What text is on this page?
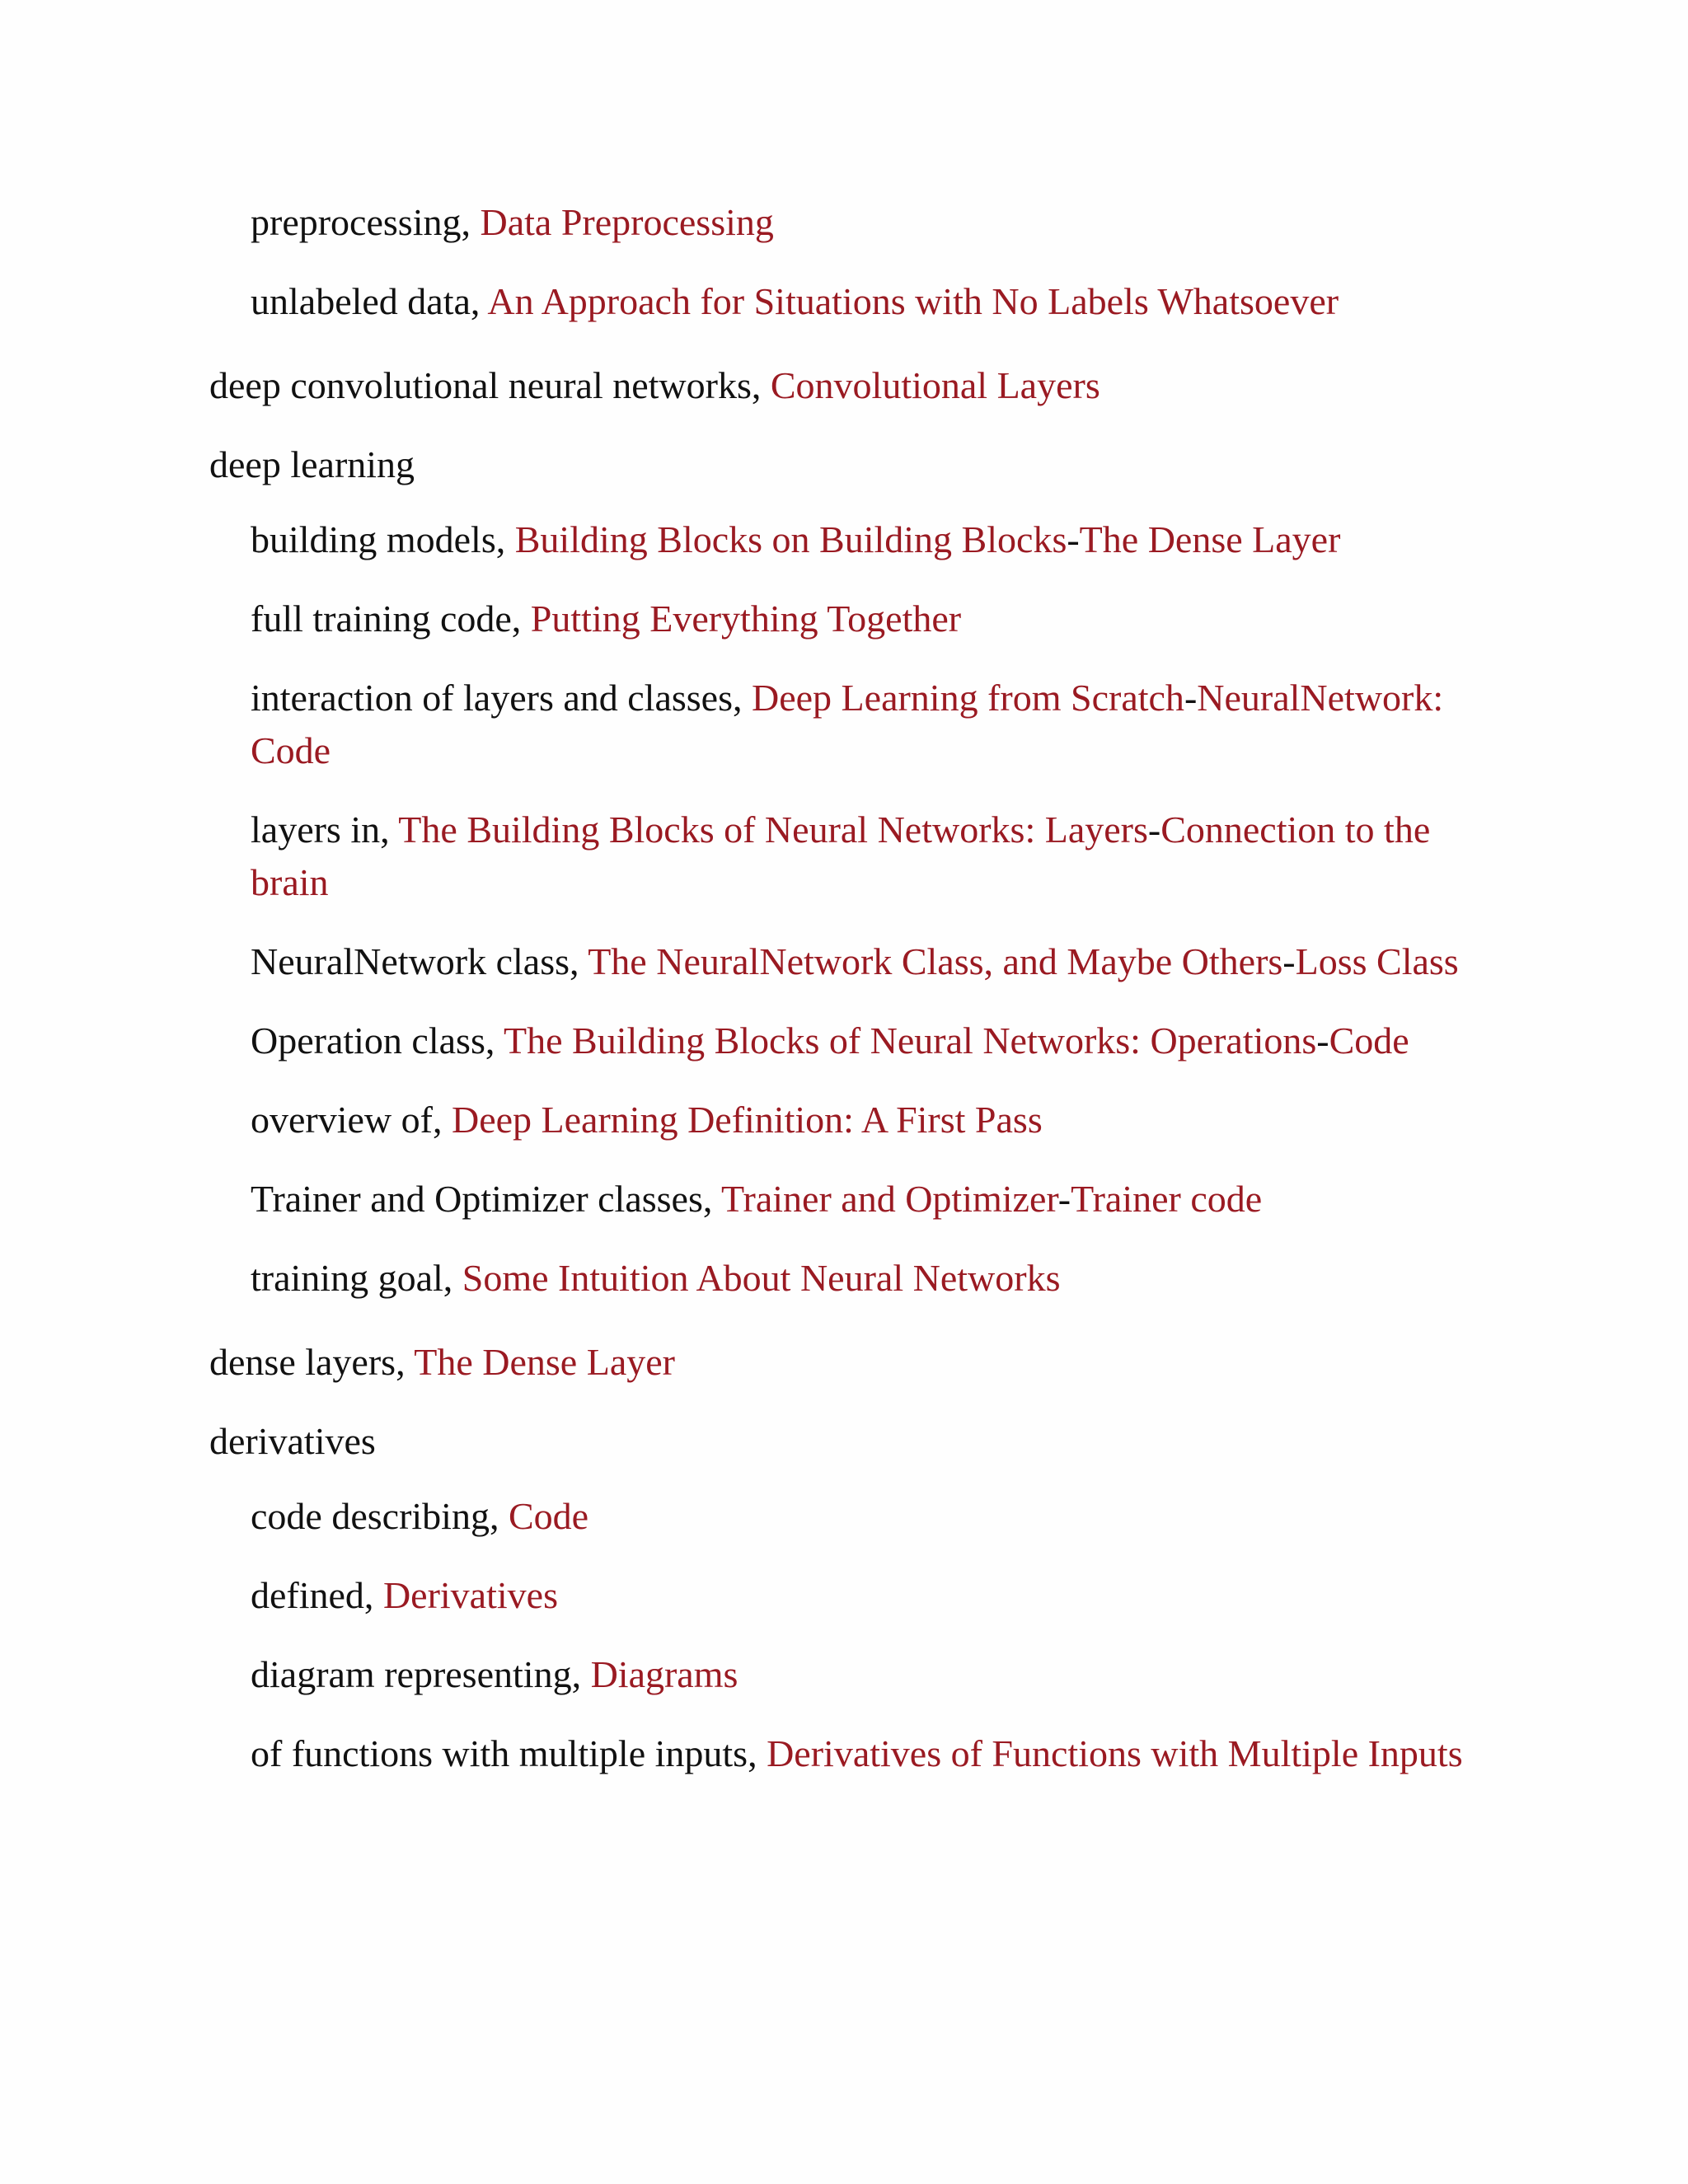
preprocessing, Data Preprocessing
unlabeled data, An Approach for Situations with No Labels Whatsoever
deep convolutional neural networks, Convolutional Layers
deep learning
building models, Building Blocks on Building Blocks-The Dense Layer
full training code, Putting Everything Together
interaction of layers and classes, Deep Learning from Scratch-NeuralNetwork: Code
layers in, The Building Blocks of Neural Networks: Layers-Connection to the brain
NeuralNetwork class, The NeuralNetwork Class, and Maybe Others-Loss Class
Operation class, The Building Blocks of Neural Networks: Operations-Code
overview of, Deep Learning Definition: A First Pass
Trainer and Optimizer classes, Trainer and Optimizer-Trainer code
training goal, Some Intuition About Neural Networks
dense layers, The Dense Layer
derivatives
code describing, Code
defined, Derivatives
diagram representing, Diagrams
of functions with multiple inputs, Derivatives of Functions with Multiple Inputs
